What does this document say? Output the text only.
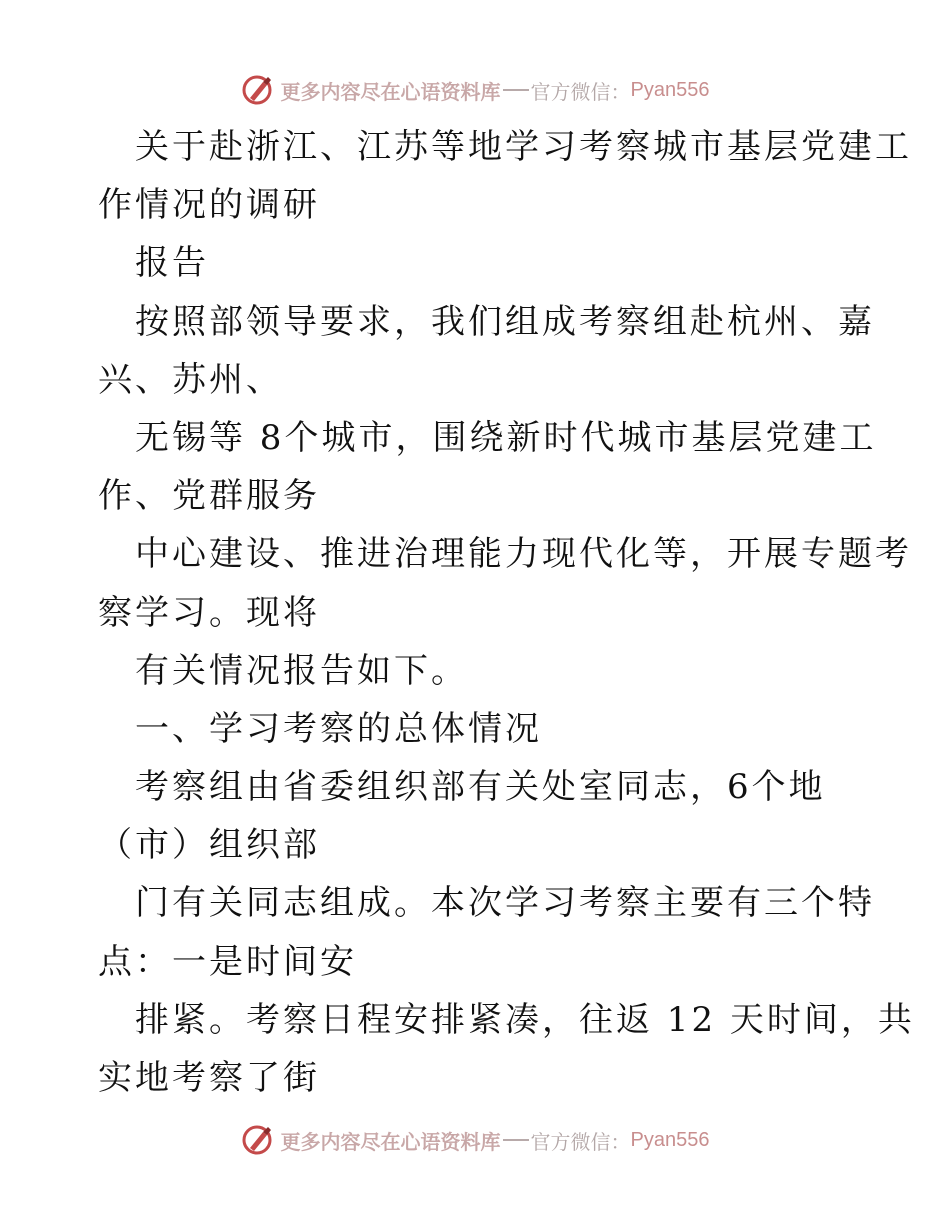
更多内容尽在心语资料库 官方微信： Pyan556
关于赴浙江、江苏等地学习考察城市基层党建工
作情况的调研
报告
按照部领导要求，我们组成考察组赴杭州、嘉
兴、苏州、
无锡等 8个城市，围绕新时代城市基层党建工
作、党群服务
中心建设、推进治理能力现代化等，开展专题考
察学习。现将
有关情况报告如下。
一、学习考察的总体情况
考察组由省委组织部有关处室同志，6个地
（市）组织部
门有关同志组成。本次学习考察主要有三个特
点：一是时间安
排紧。考察日程安排紧凑，往返 12 天时间，共
实地考察了街
更多内容尽在心语资料库 官方微信： Pyan556
